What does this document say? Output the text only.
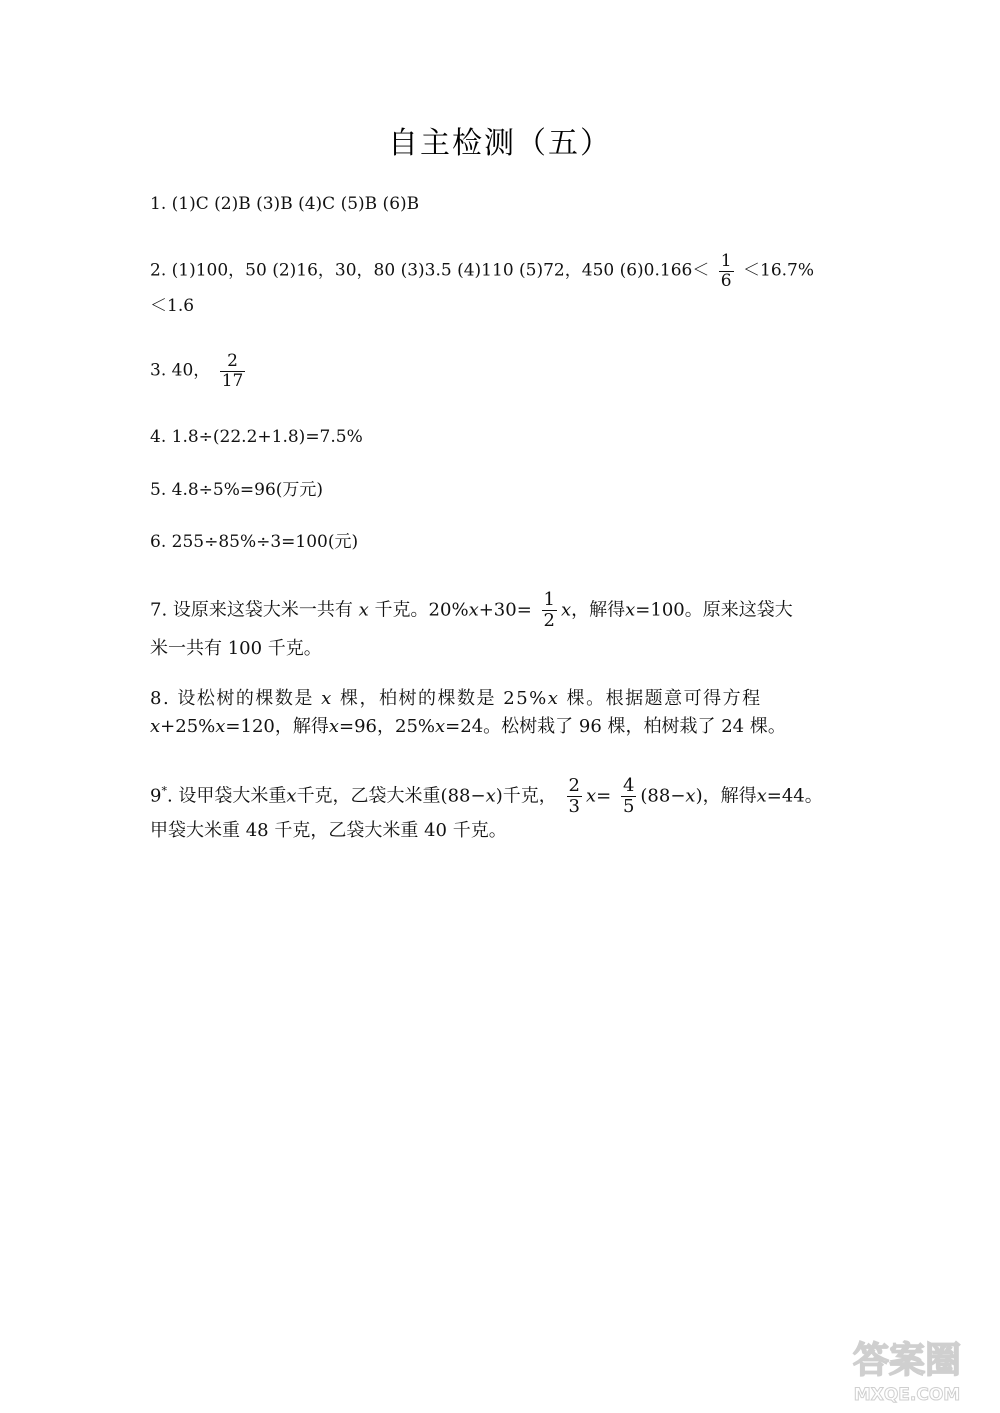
自主检测（五）
1. (1)C (2)B (3)B (4)C (5)B (6)B
2. (1)100，50 (2)16，30，80 (3)3.5 (4)110 (5)72，450 $(6)0.166< \frac{1}{6} <16.7\%$
＜1.6
3. 40， $\frac{2}{17}$
4. 1.8÷(22.2+1.8)=7.5%
5. 4.8÷5%=96(万元)
6. 255÷85%÷3=100(元)
7. 设原来这袋大米一共有 x 千克。$20\%x+30= \frac{1}{2}$ x，解得x=100。原来这袋大
米一共有 100 千克。
8. 设松树的棵数是 x 棵，柏树的棵数是 25%x 棵。根据题意可得方程
x+25%x=120，解得x=96，25%x=24。松树栽了 96 棵，柏树栽了 24 棵。
9*. 设甲袋大米重x千克，乙袋大米重(88−x)千克， $\frac{2}{3} x= \frac{4}{5} (88-x)$，解得x=44。
甲袋大米重 48 千克，乙袋大米重 40 千克。
答案圈
MXQE.COM
